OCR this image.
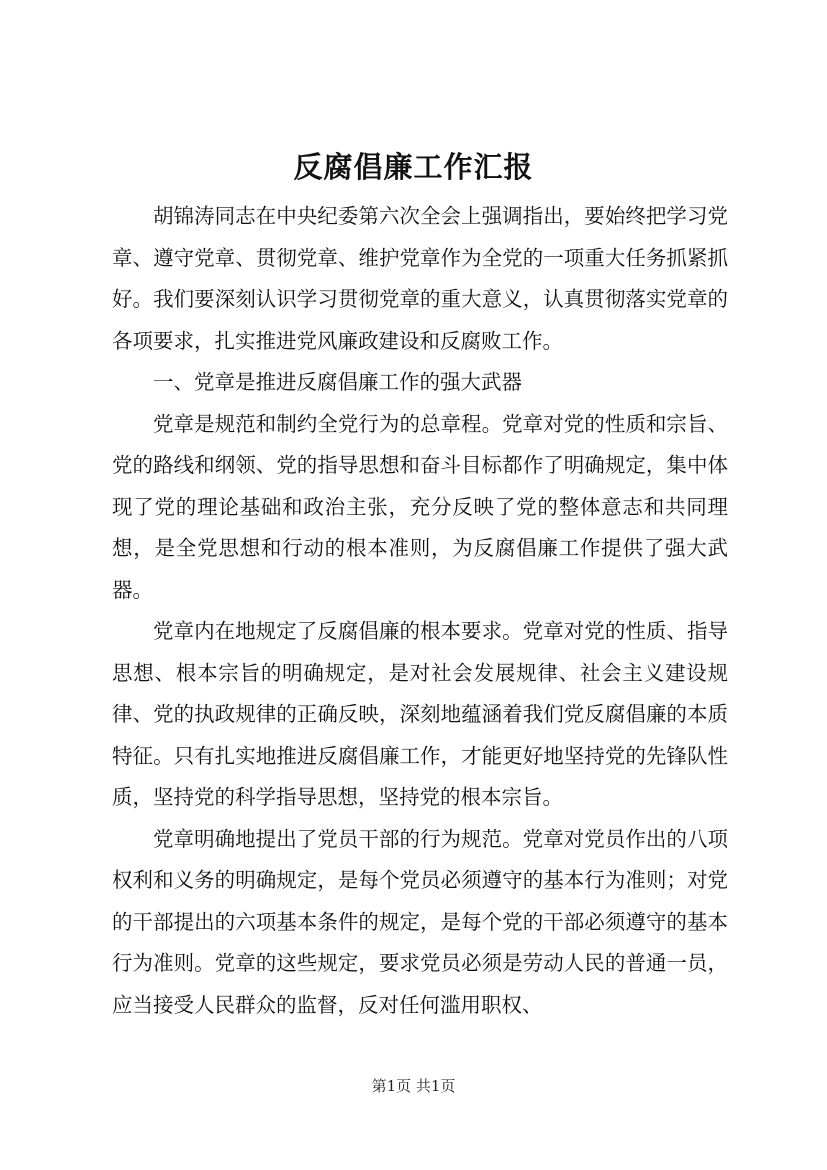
反腐倡廉工作汇报

胡锦涛同志在中央纪委第六次全会上强调指出，要始终把学习党章、遵守党章、贯彻党章、维护党章作为全党的一项重大任务抓紧抓好。我们要深刻认识学习贯彻党章的重大意义，认真贯彻落实党章的各项要求，扎实推进党风廉政建设和反腐败工作。

一、党章是推进反腐倡廉工作的强大武器

党章是规范和制约全党行为的总章程。党章对党的性质和宗旨、党的路线和纲领、党的指导思想和奋斗目标都作了明确规定，集中体现了党的理论基础和政治主张，充分反映了党的整体意志和共同理想，是全党思想和行动的根本准则，为反腐倡廉工作提供了强大武器。

党章内在地规定了反腐倡廉的根本要求。党章对党的性质、指导思想、根本宗旨的明确规定，是对社会发展规律、社会主义建设规律、党的执政规律的正确反映，深刻地蕴涵着我们党反腐倡廉的本质特征。只有扎实地推进反腐倡廉工作，才能更好地坚持党的先锋队性质，坚持党的科学指导思想，坚持党的根本宗旨。

党章明确地提出了党员干部的行为规范。党章对党员作出的八项权利和义务的明确规定，是每个党员必须遵守的基本行为准则；对党的干部提出的六项基本条件的规定，是每个党的干部必须遵守的基本行为准则。党章的这些规定，要求党员必须是劳动人民的普通一员，应当接受人民群众的监督，反对任何滥用职权、

第1页 共1页
